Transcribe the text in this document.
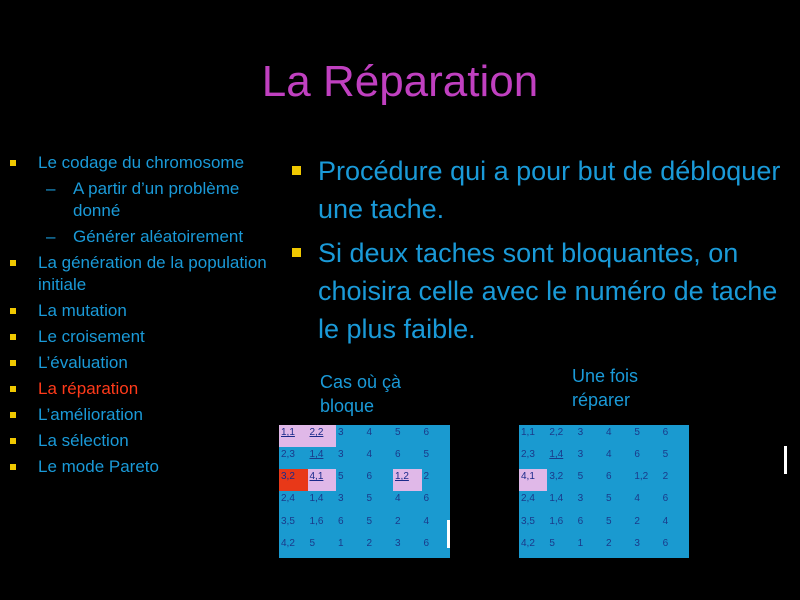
La Réparation
Le codage du chromosome
– A partir d’un problème donné
– Générer aléatoirement
La génération de la population initiale
La mutation
Le croisement
L’évaluation
La réparation
L’amélioration
La sélection
Le mode Pareto
Procédure qui a pour but de débloquer une tache.
Si deux taches sont bloquantes, on choisira celle avec le numéro de tache le plus faible.
Cas où çà bloque
Une fois réparer
1,1	2,2	3	4	5	6
2,3	1,4	3	4	6	5
3,2	4,1	5	6	1,2	2
2,4	1,4	3	5	4	6
3,5	1,6	6	5	2	4
4,2	5	1	2	3	6
1,1	2,2	3	4	5	6
2,3	1,4	3	4	6	5
4,1	3,2	5	6	1,2	2
2,4	1,4	3	5	4	6
3,5	1,6	6	5	2	4
4,2	5	1	2	3	6
